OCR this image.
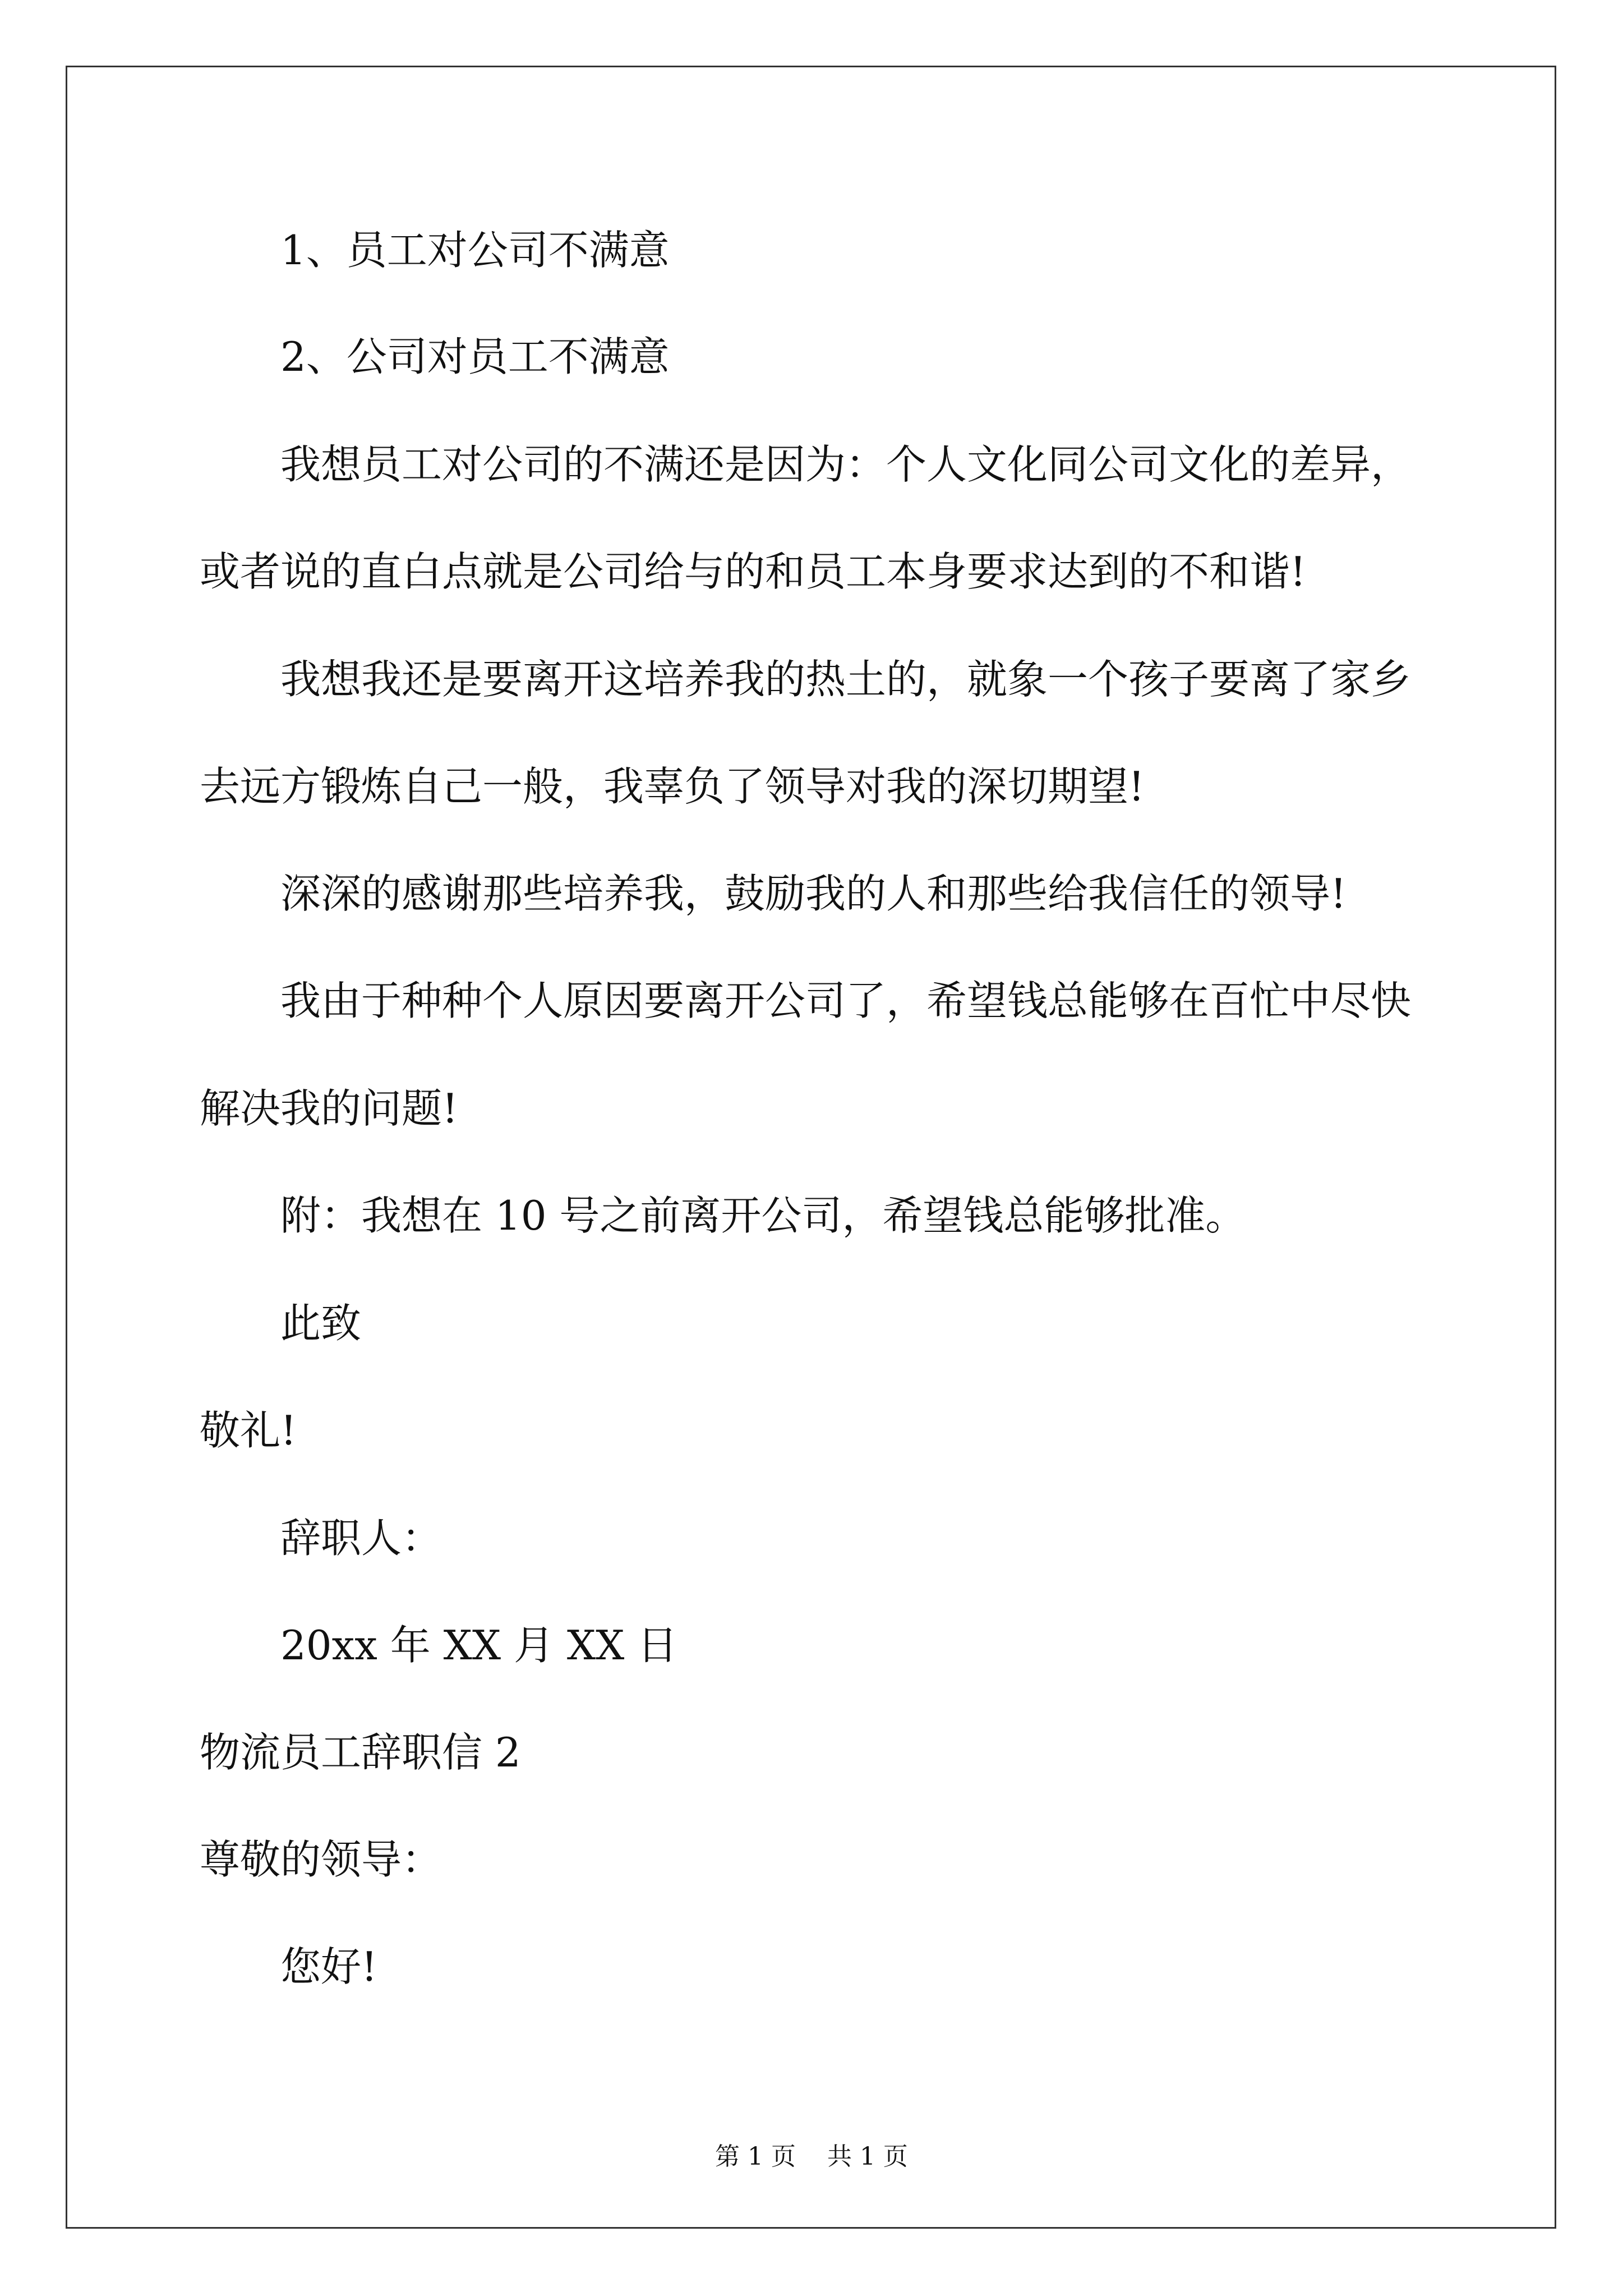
1、员工对公司不满意
2、公司对员工不满意
我想员工对公司的不满还是因为：个人文化同公司文化的差异，
或者说的直白点就是公司给与的和员工本身要求达到的不和谐!
我想我还是要离开这培养我的热土的，就象一个孩子要离了家乡
去远方锻炼自己一般，我辜负了领导对我的深切期望!
深深的感谢那些培养我，鼓励我的人和那些给我信任的领导!
我由于种种个人原因要离开公司了，希望钱总能够在百忙中尽快
解决我的问题!
附：我想在 10 号之前离开公司，希望钱总能够批准。
此致
敬礼!
辞职人：
20xx 年 XX 月 XX 日
物流员工辞职信 2
尊敬的领导：
您好!
第 1 页    共 1 页
